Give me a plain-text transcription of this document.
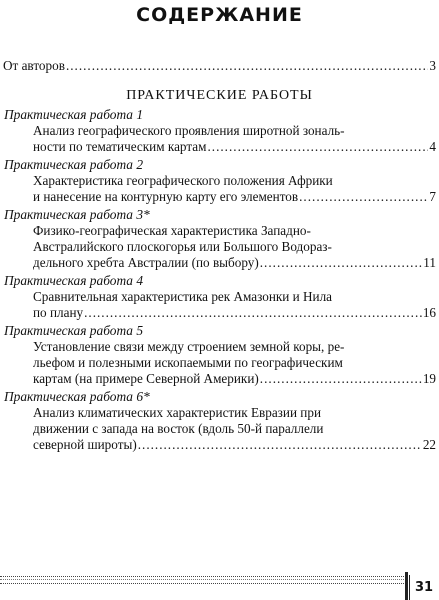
СОДЕРЖАНИЕ
От авторов .....	3
ПРАКТИЧЕСКИЕ РАБОТЫ
Практическая работа 1
Анализ географического проявления широтной зональ-
ности по тематическим картам .....	4
Практическая работа 2
Характеристика географического положения Африки
и нанесение на контурную карту его элементов .....	7
Практическая работа 3*
Физико-географическая характеристика Западно-
Австралийского плоскогорья или Большого Водораз-
дельного хребта Австралии (по выбору) .....	11
Практическая работа 4
Сравнительная характеристика рек Амазонки и Нила
по плану .....	16
Практическая работа 5
Установление связи между строением земной коры, ре-
льефом и полезными ископаемыми по географическим
картам (на примере Северной Америки) .....	19
Практическая работа 6*
Анализ климатических характеристик Евразии при
движении с запада на восток (вдоль 50-й параллели
северной широты) .....	22
31
